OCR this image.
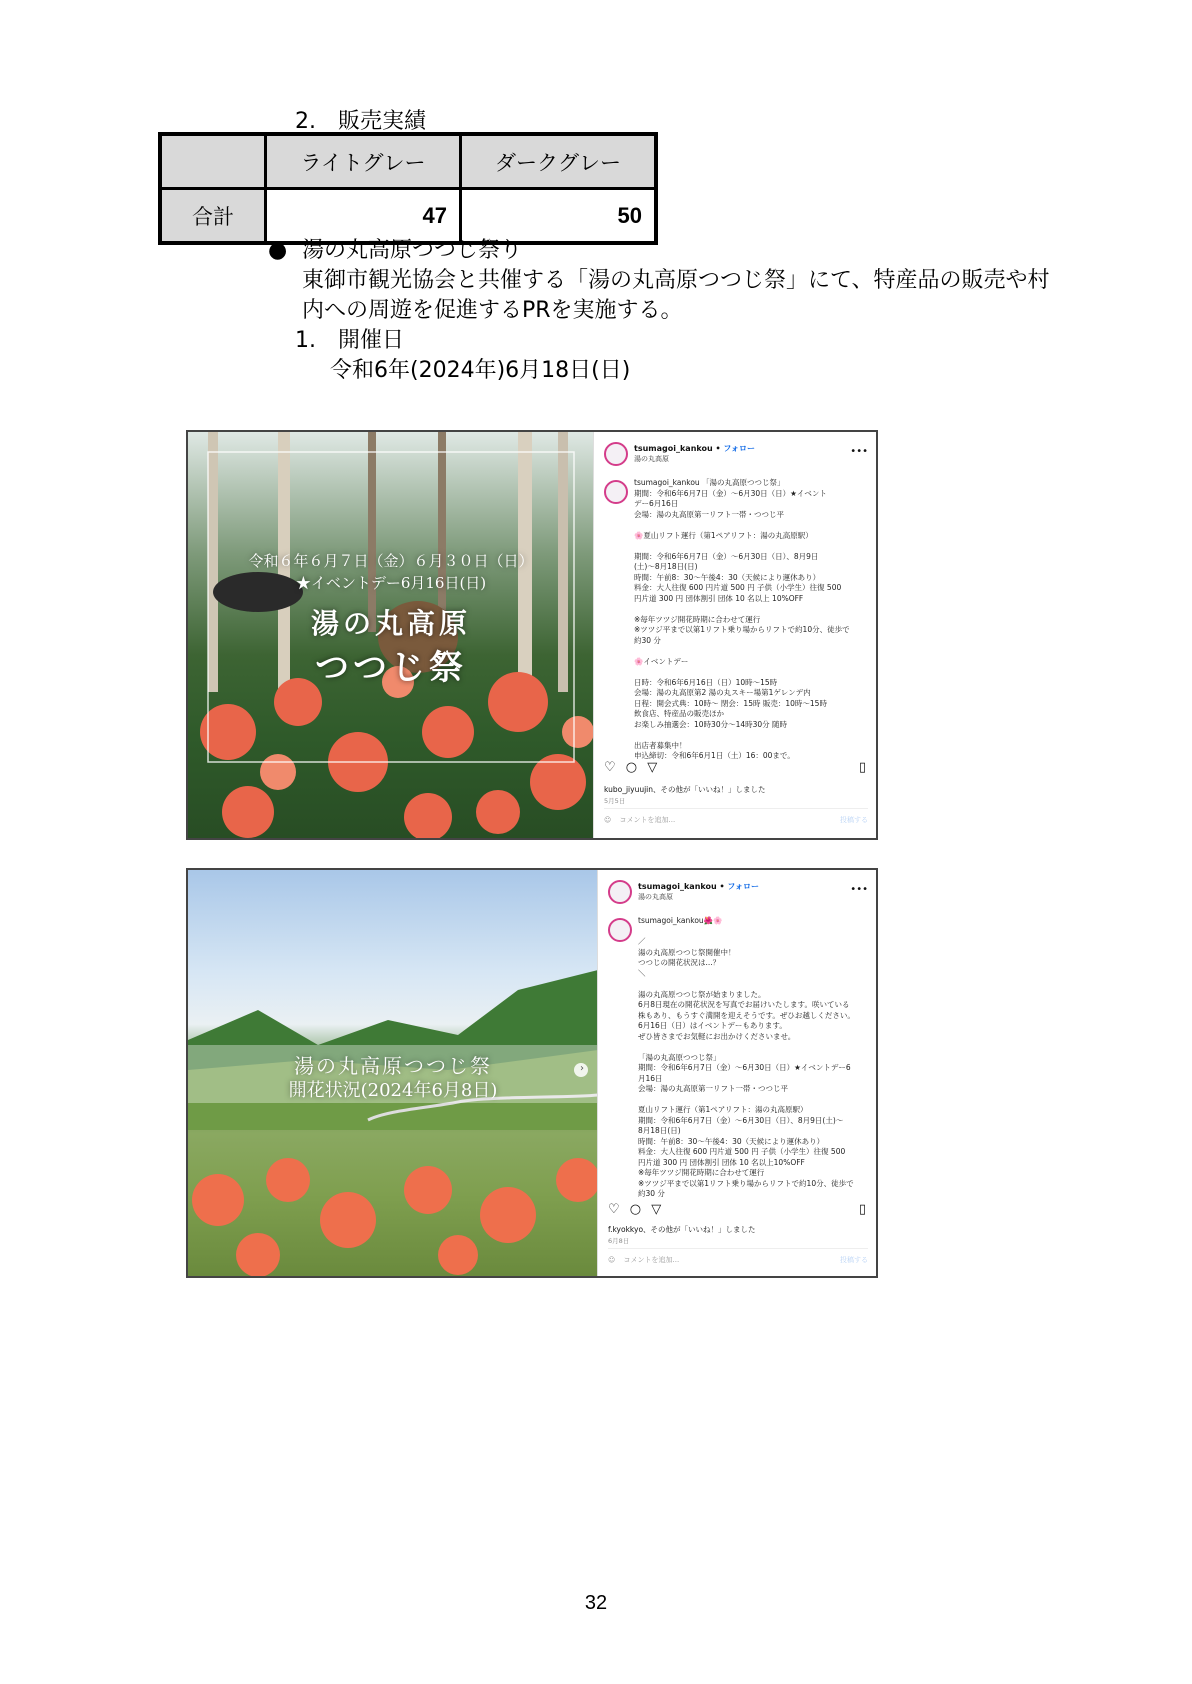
2.　販売実績
	ライトグレー	ダークグレー
合計	47	50
● 湯の丸高原つつじ祭り
東御市観光協会と共催する「湯の丸高原つつじ祭」にて、特産品の販売や村
内への周遊を促進するPRを実施する。
1.　開催日
令和6年(2024年)6月18日(日)
令和６年６月７日（金）６月３０日（日）
★イベントデー6月16日(日)
湯の丸高原
つつじ祭
tsumagoi_kankou • フォロー
湯の丸高原
•••
tsumagoi_kankou 「湯の丸高原つつじ祭」
期間：令和6年6月7日（金）～6月30日（日）★イベント
デー6月16日
会場：湯の丸高原第一リフト一帯・つつじ平

🌸夏山リフト運行（第1ペアリフト：湯の丸高原駅）

期間：令和6年6月7日（金）～6月30日（日）、8月9日
(土)～8月18日(日)
時間：午前8：30～午後4：30（天候により運休あり）
料金：大人往復 600 円片道 500 円 子供（小学生）往復 500
円片道 300 円 団体割引 団体 10 名以上 10%OFF

※毎年ツツジ開花時期に合わせて運行
※ツツジ平まで以第1リフト乗り場からリフトで約10分、徒歩で
約30 分

🌸イベントデー

日時：令和6年6月16日（日）10時～15時
会場：湯の丸高原第2 湯の丸スキー場第1ゲレンデ内
日程：開会式典：10時～ 閉会：15時 販売：10時～15時
飲食店、特産品の販売ほか
お楽しみ抽選会：10時30分～14時30分 随時

出店者募集中！
申込締切：令和6年6月1日（土）16：00まで。
♡ ○ ▽	▯
kubo_jiyuujin、その他が「いいね！」しました
5月5日
☺ コメントを追加...	投稿する
湯の丸高原つつじ祭
開花状況(2024年6月8日)
›
tsumagoi_kankou • フォロー
湯の丸高原
•••
tsumagoi_kankou🌺🌸

／
湯の丸高原つつじ祭開催中！
つつじの開花状況は...？
＼

湯の丸高原つつじ祭が始まりました。
6月8日現在の開花状況を写真でお届けいたします。咲いている
株もあり、もうすぐ満開を迎えそうです。ぜひお越しください。
6月16日（日）はイベントデーもあります。
ぜひ皆さまでお気軽にお出かけくださいませ。

「湯の丸高原つつじ祭」
期間：令和6年6月7日（金）～6月30日（日）★イベントデー6
月16日
会場：湯の丸高原第一リフト一帯・つつじ平

夏山リフト運行（第1ペアリフト：湯の丸高原駅）
期間：令和6年6月7日（金）～6月30日（日）、8月9日(土)～
8月18日(日)
時間：午前8：30～午後4：30（天候により運休あり）
料金：大人往復 600 円片道 500 円 子供（小学生）往復 500
円片道 300 円 団体割引 団体 10 名以上10%OFF
※毎年ツツジ開花時期に合わせて運行
※ツツジ平まで以第1リフト乗り場からリフトで約10分、徒歩で
約30 分
♡ ○ ▽	▯
f.kyokkyo、その他が「いいね！」しました
6月8日
☺ コメントを追加...	投稿する
32
